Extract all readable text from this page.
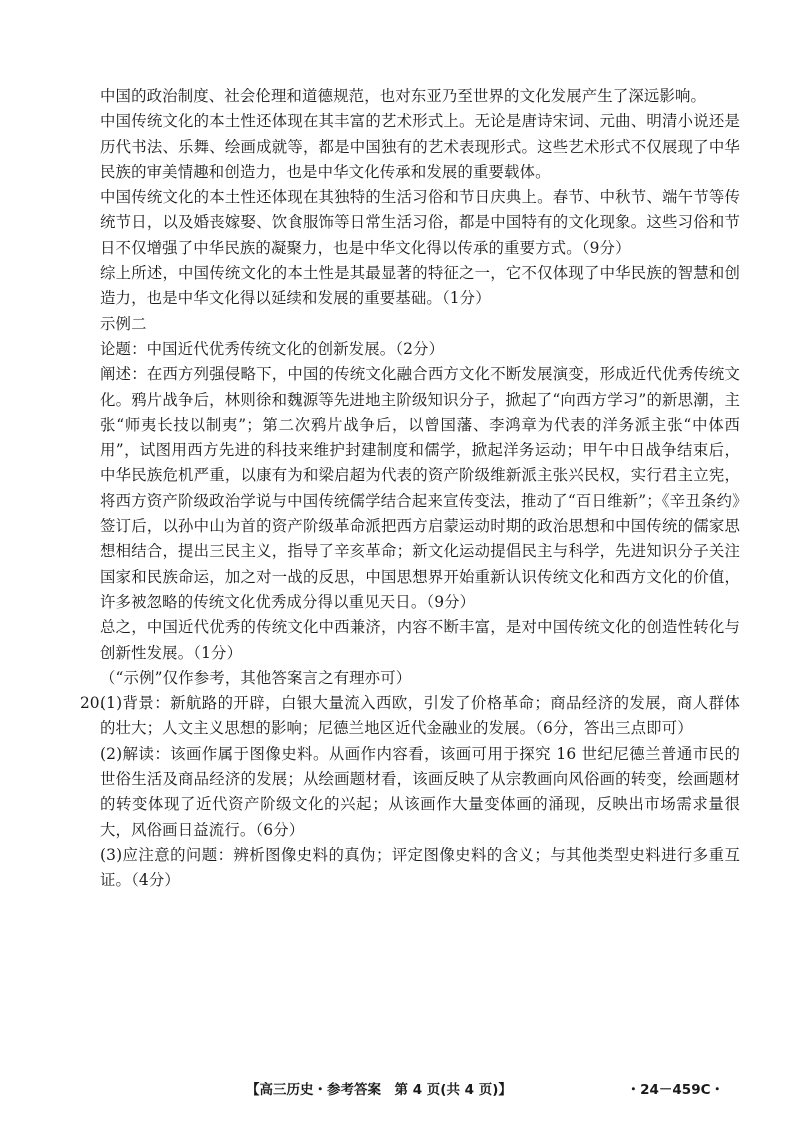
中国的政治制度、社会伦理和道德规范，也对东亚乃至世界的文化发展产生了深远影响。

中国传统文化的本土性还体现在其丰富的艺术形式上。无论是唐诗宋词、元曲、明清小说还是历代书法、乐舞、绘画成就等，都是中国独有的艺术表现形式。这些艺术形式不仅展现了中华民族的审美情趣和创造力，也是中华文化传承和发展的重要载体。

中国传统文化的本土性还体现在其独特的生活习俗和节日庆典上。春节、中秋节、端午节等传统节日，以及婚丧嫁娶、饮食服饰等日常生活习俗，都是中国特有的文化现象。这些习俗和节日不仅增强了中华民族的凝聚力，也是中华文化得以传承的重要方式。（9分）

综上所述，中国传统文化的本土性是其最显著的特征之一，它不仅体现了中华民族的智慧和创造力，也是中华文化得以延续和发展的重要基础。（1分）

示例二

论题：中国近代优秀传统文化的创新发展。（2分）

阐述：在西方列强侵略下，中国的传统文化融合西方文化不断发展演变，形成近代优秀传统文化。鸦片战争后，林则徐和魏源等先进地主阶级知识分子，掀起了“向西方学习”的新思潮，主张“师夷长技以制夷”；第二次鸦片战争后，以曾国藩、李鸿章为代表的洋务派主张“中体西用”，试图用西方先进的科技来维护封建制度和儒学，掀起洋务运动；甲午中日战争结束后，中华民族危机严重，以康有为和梁启超为代表的资产阶级维新派主张兴民权，实行君主立宪，将西方资产阶级政治学说与中国传统儒学结合起来宣传变法，推动了“百日维新”；《辛丑条约》签订后，以孙中山为首的资产阶级革命派把西方启蒙运动时期的政治思想和中国传统的儒家思想相结合，提出三民主义，指导了辛亥革命；新文化运动提倡民主与科学，先进知识分子关注国家和民族命运，加之对一战的反思，中国思想界开始重新认识传统文化和西方文化的价值，许多被忽略的传统文化优秀成分得以重见天日。（9分）

总之，中国近代优秀的传统文化中西兼济，内容不断丰富，是对中国传统文化的创造性转化与创新性发展。（1分）

（“示例”仅作参考，其他答案言之有理亦可）

20.

(1)背景：新航路的开辟，白银大量流入西欧，引发了价格革命；商品经济的发展，商人群体的壮大；人文主义思想的影响；尼德兰地区近代金融业的发展。（6分，答出三点即可）

(2)解读：该画作属于图像史料。从画作内容看，该画可用于探究 16 世纪尼德兰普通市民的世俗生活及商品经济的发展；从绘画题材看，该画反映了从宗教画向风俗画的转变，绘画题材的转变体现了近代资产阶级文化的兴起；从该画作大量变体画的涌现，反映出市场需求量很大，风俗画日益流行。（6分）

(3)应注意的问题：辨析图像史料的真伪；评定图像史料的含义；与其他类型史料进行多重互证。（4分）

【高三历史・参考答案　第 4 页(共 4 页)】	・24－459C・
